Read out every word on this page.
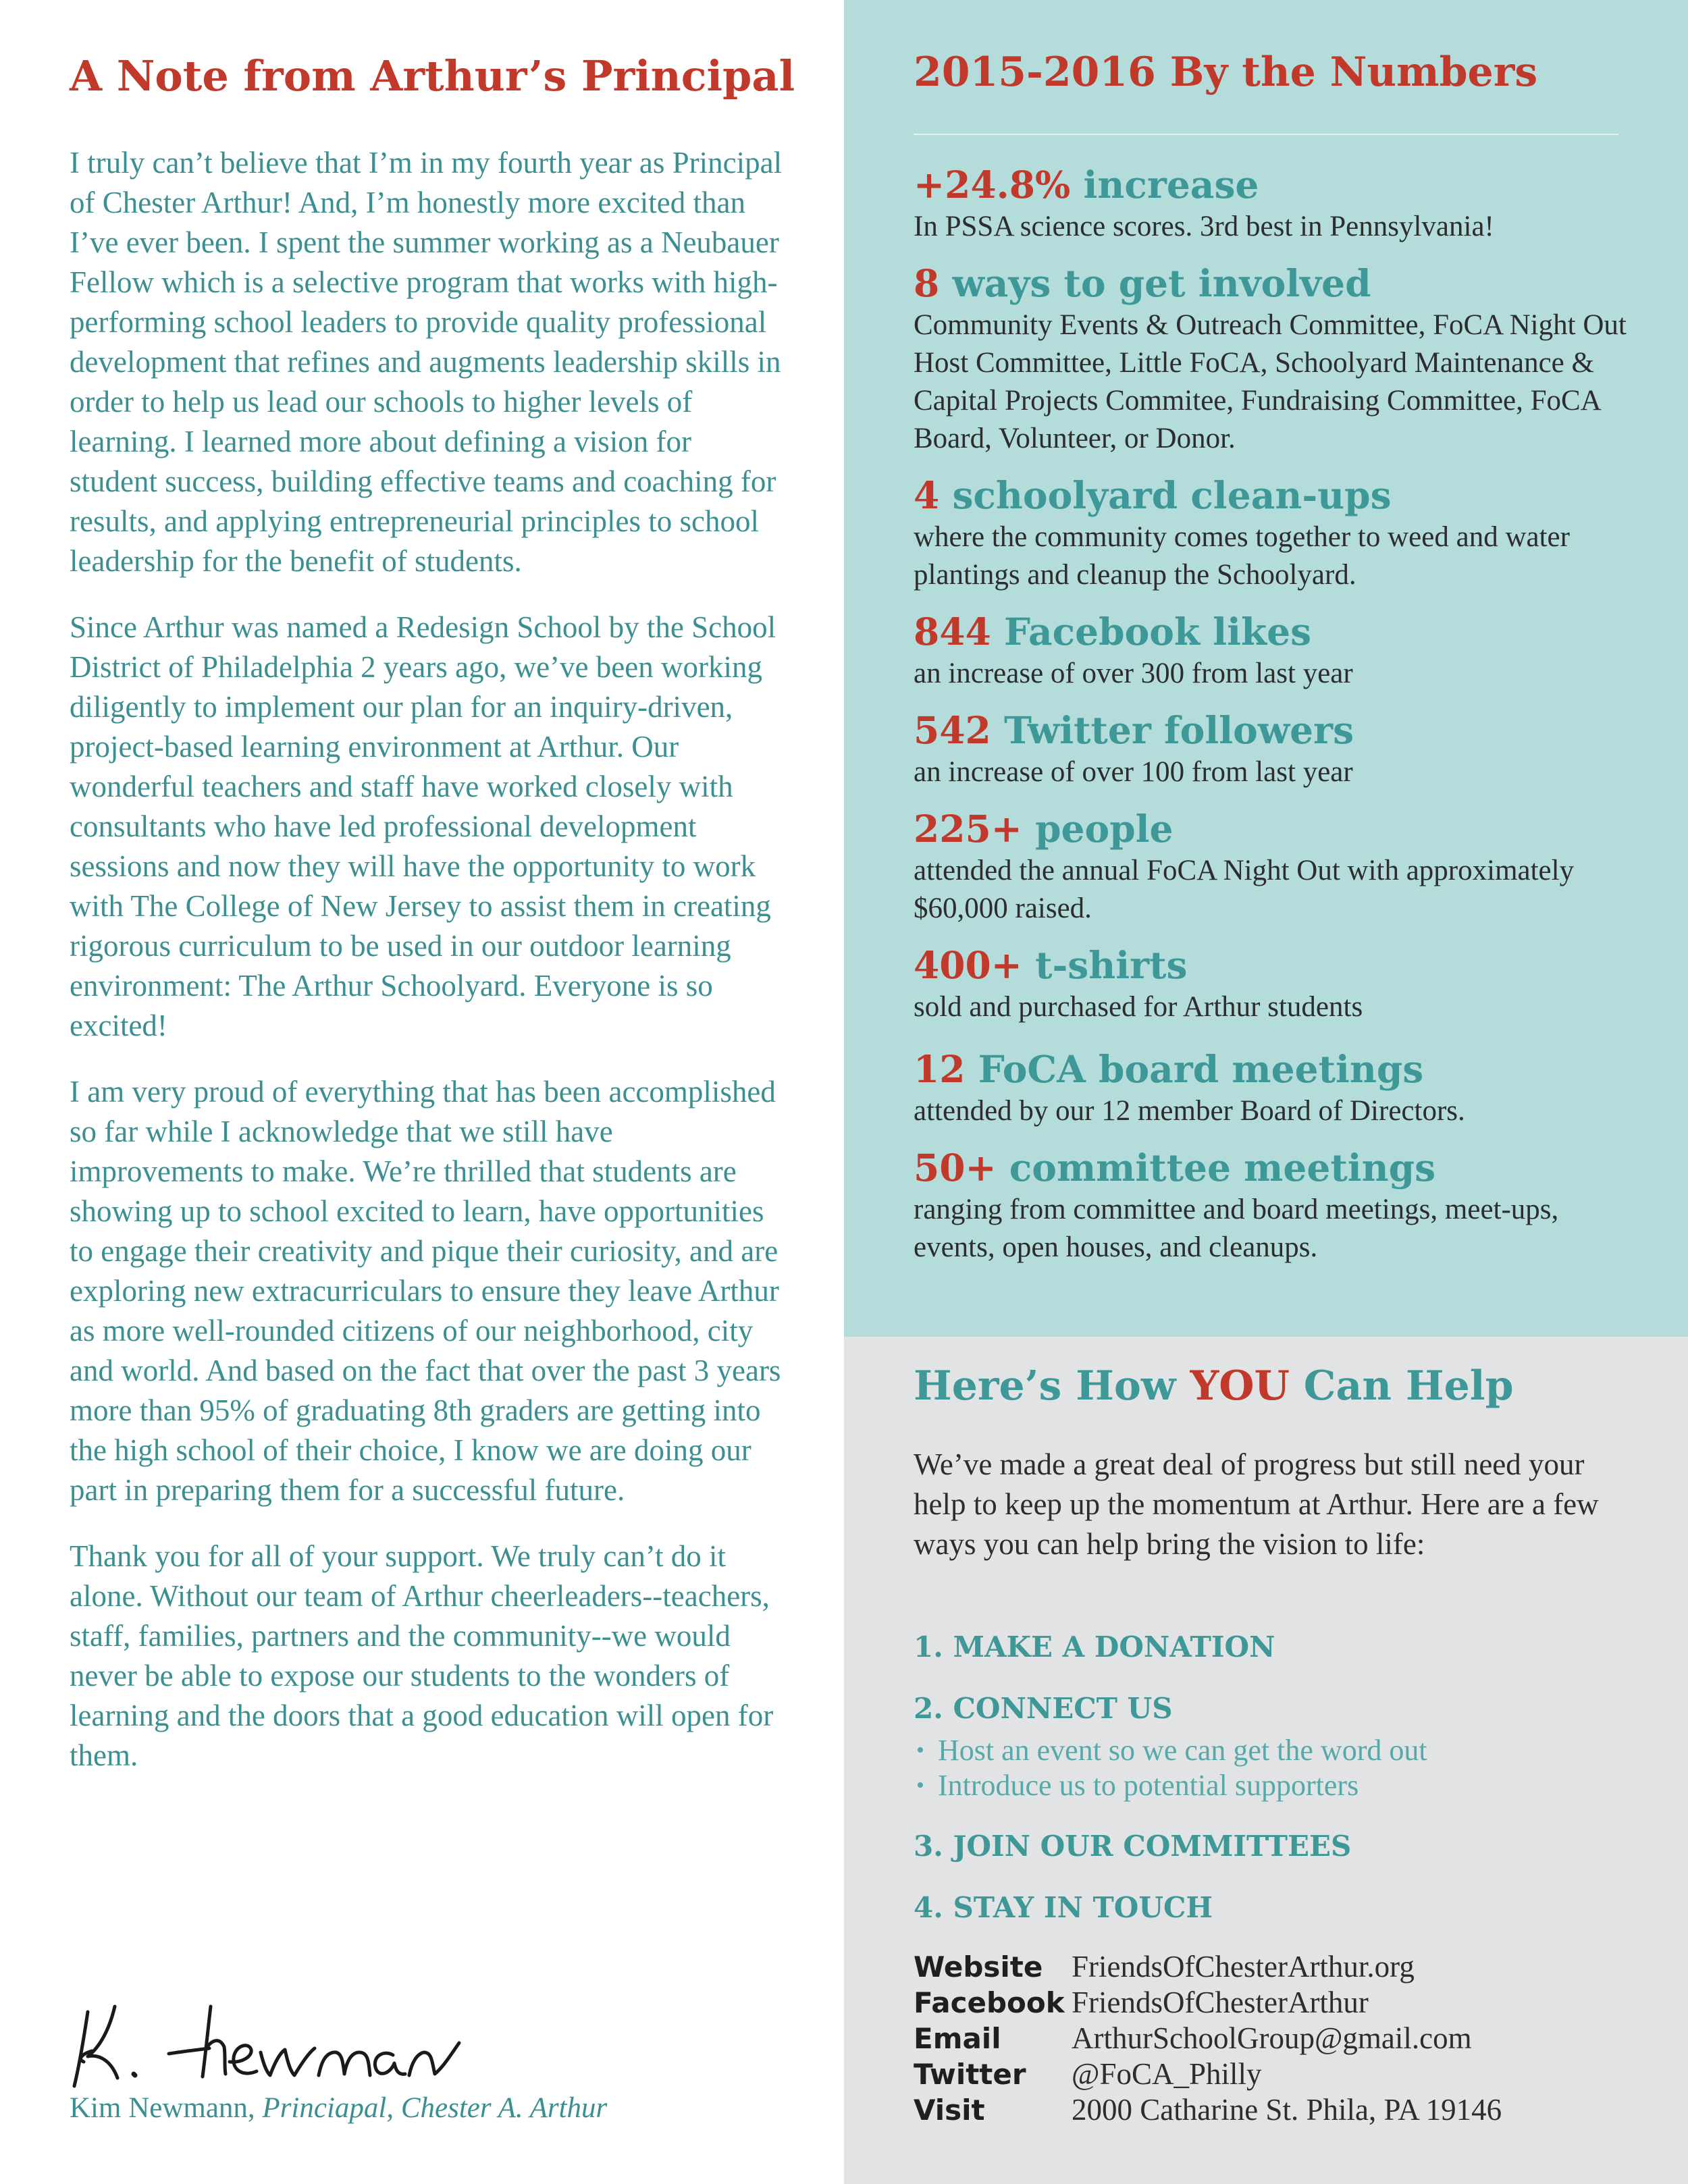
A Note from Arthur’s Principal

I truly can’t believe that I’m in my fourth year as Principal of Chester Arthur! And, I’m honestly more excited than I’ve ever been. I spent the summer working as a Neubauer Fellow which is a selective program that works with high-performing school leaders to provide quality professional development that refines and augments leadership skills in order to help us lead our schools to higher levels of learning. I learned more about defining a vision for student success, building effective teams and coaching for results, and applying entrepreneurial principles to school leadership for the benefit of students.

Since Arthur was named a Redesign School by the School District of Philadelphia 2 years ago, we’ve been working diligently to implement our plan for an inquiry-driven, project-based learning environment at Arthur. Our wonderful teachers and staff have worked closely with consultants who have led professional development sessions and now they will have the opportunity to work with The College of New Jersey to assist them in creating rigorous curriculum to be used in our outdoor learning environment: The Arthur Schoolyard. Everyone is so excited!

I am very proud of everything that has been accomplished so far while I acknowledge that we still have improvements to make. We’re thrilled that students are showing up to school excited to learn, have opportunities to engage their creativity and pique their curiosity, and are exploring new extracurriculars to ensure they leave Arthur as more well-rounded citizens of our neighborhood, city and world. And based on the fact that over the past 3 years more than 95% of graduating 8th graders are getting into the high school of their choice, I know we are doing our part in preparing them for a successful future.

Thank you for all of your support. We truly can’t do it alone. Without our team of Arthur cheerleaders--teachers, staff, families, partners and the community--we would never be able to expose our students to the wonders of learning and the doors that a good education will open for them.

Kim Newmann, Princiapal, Chester A. Arthur
2015-2016 By the Numbers
+24.8% increase
In PSSA science scores. 3rd best in Pennsylvania!
8 ways to get involved
Community Events & Outreach Committee, FoCA Night Out Host Committee, Little FoCA, Schoolyard Maintenance & Capital Projects Commitee, Fundraising Committee, FoCA Board, Volunteer, or Donor.
4 schoolyard clean-ups
where the community comes together to weed and water plantings and cleanup the Schoolyard.
844 Facebook likes
an increase of over 300 from last year
542 Twitter followers
an increase of over 100 from last year
225+ people
attended the annual FoCA Night Out with approximately $60,000 raised.
400+ t-shirts
sold and purchased for Arthur students
12 FoCA board meetings
attended by our 12 member Board of Directors.
50+ committee meetings
ranging from committee and board meetings, meet-ups, events, open houses, and cleanups.
Here’s How YOU Can Help

We’ve made a great deal of progress but still need your help to keep up the momentum at Arthur. Here are a few ways you can help bring the vision to life:

1. MAKE A DONATION
2. CONNECT US
• Host an event so we can get the word out
• Introduce us to potential supporters
3. JOIN OUR COMMITTEES
4. STAY IN TOUCH
Website FriendsOfChesterArthur.org
Facebook FriendsOfChesterArthur
Email	ArthurSchoolGroup@gmail.com
Twitter	@FoCA_Philly
Visit	2000 Catharine St. Phila, PA 19146
